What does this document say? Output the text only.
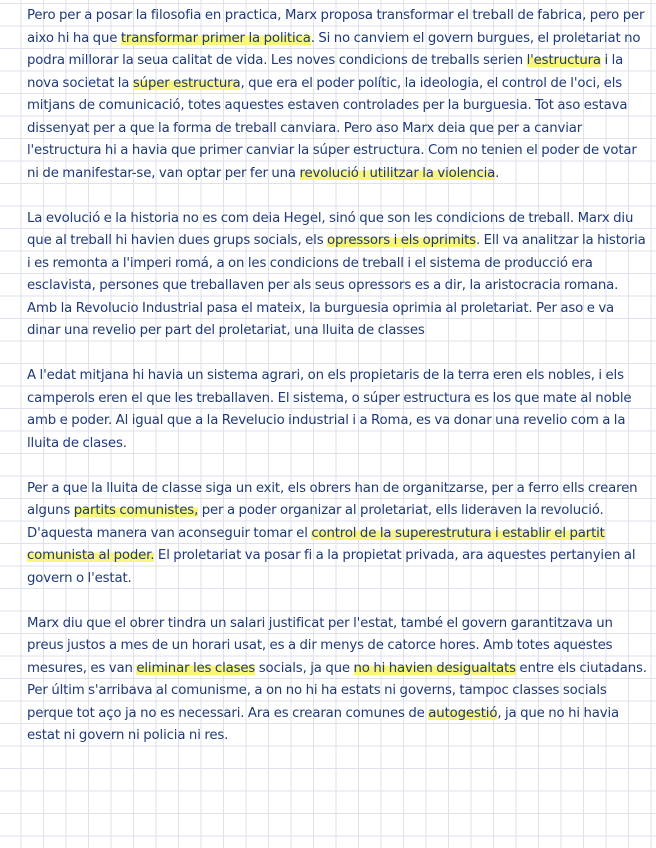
Pero per a posar la filosofia en practica, Marx proposa transformar el treball de fabrica, pero per aixo hi ha que transformar primer la politica. Si no canviem el govern burgues, el proletariat no podra millorar la seua calitat de vida. Les noves condicions de treballs serien l'estructura i la nova societat la súper estructura, que era el poder polític, la ideologia, el control de l'oci, els mitjans de comunicació, totes aquestes estaven controlades per la burguesia. Tot aso estava dissenyat per a que la forma de treball canviara. Pero aso Marx deia que per a canviar l'estructura hi a havia que primer canviar la súper estructura. Com no tenien el poder de votar ni de manifestar-se, van optar per fer una revolució i utilitzar la violencia.

La evolució e la historia no es com deia Hegel, sinó que son les condicions de treball. Marx diu que al treball hi havien dues grups socials, els opressors i els oprimits. Ell va analitzar la historia i es remonta a l'imperi romá, a on les condicions de treball i el sistema de producció era esclavista, persones que treballaven per als seus opressors es a dir, la aristocracia romana. Amb la Revolucio Industrial pasa el mateix, la burguesia oprimia al proletariat. Per aso e va dinar una revelio per part del proletariat, una lluita de classes

A l'edat mitjana hi havia un sistema agrari, on els propietaris de la terra eren els nobles, i els camperols eren el que les treballaven. El sistema, o súper estructura es los que mate al noble amb e poder. Al igual que a la Revelucio industrial i a Roma, es va donar una revelio com a la lluita de clases.

Per a que la lluita de classe siga un exit, els obrers han de organitzarse, per a ferro ells crearen alguns partits comunistes, per a poder organizar al proletariat, ells lideraven la revolució. D'aquesta manera van aconseguir tomar el control de la superestrutura i establir el partit comunista al poder. El proletariat va posar fi a la propietat privada, ara aquestes pertanyien al govern o l'estat.

Marx diu que el obrer tindra un salari justificat per l'estat, també el govern garantitzava un preus justos a mes de un horari usat, es a dir menys de catorce hores. Amb totes aquestes mesures, es van eliminar les clases socials, ja que no hi havien desigualtats entre els ciutadans. Per últim s'arribava al comunisme, a on no hi ha estats ni governs, tampoc classes socials perque tot aço ja no es necessari. Ara es crearan comunes de autogestió, ja que no hi havia estat ni govern ni policia ni res.
